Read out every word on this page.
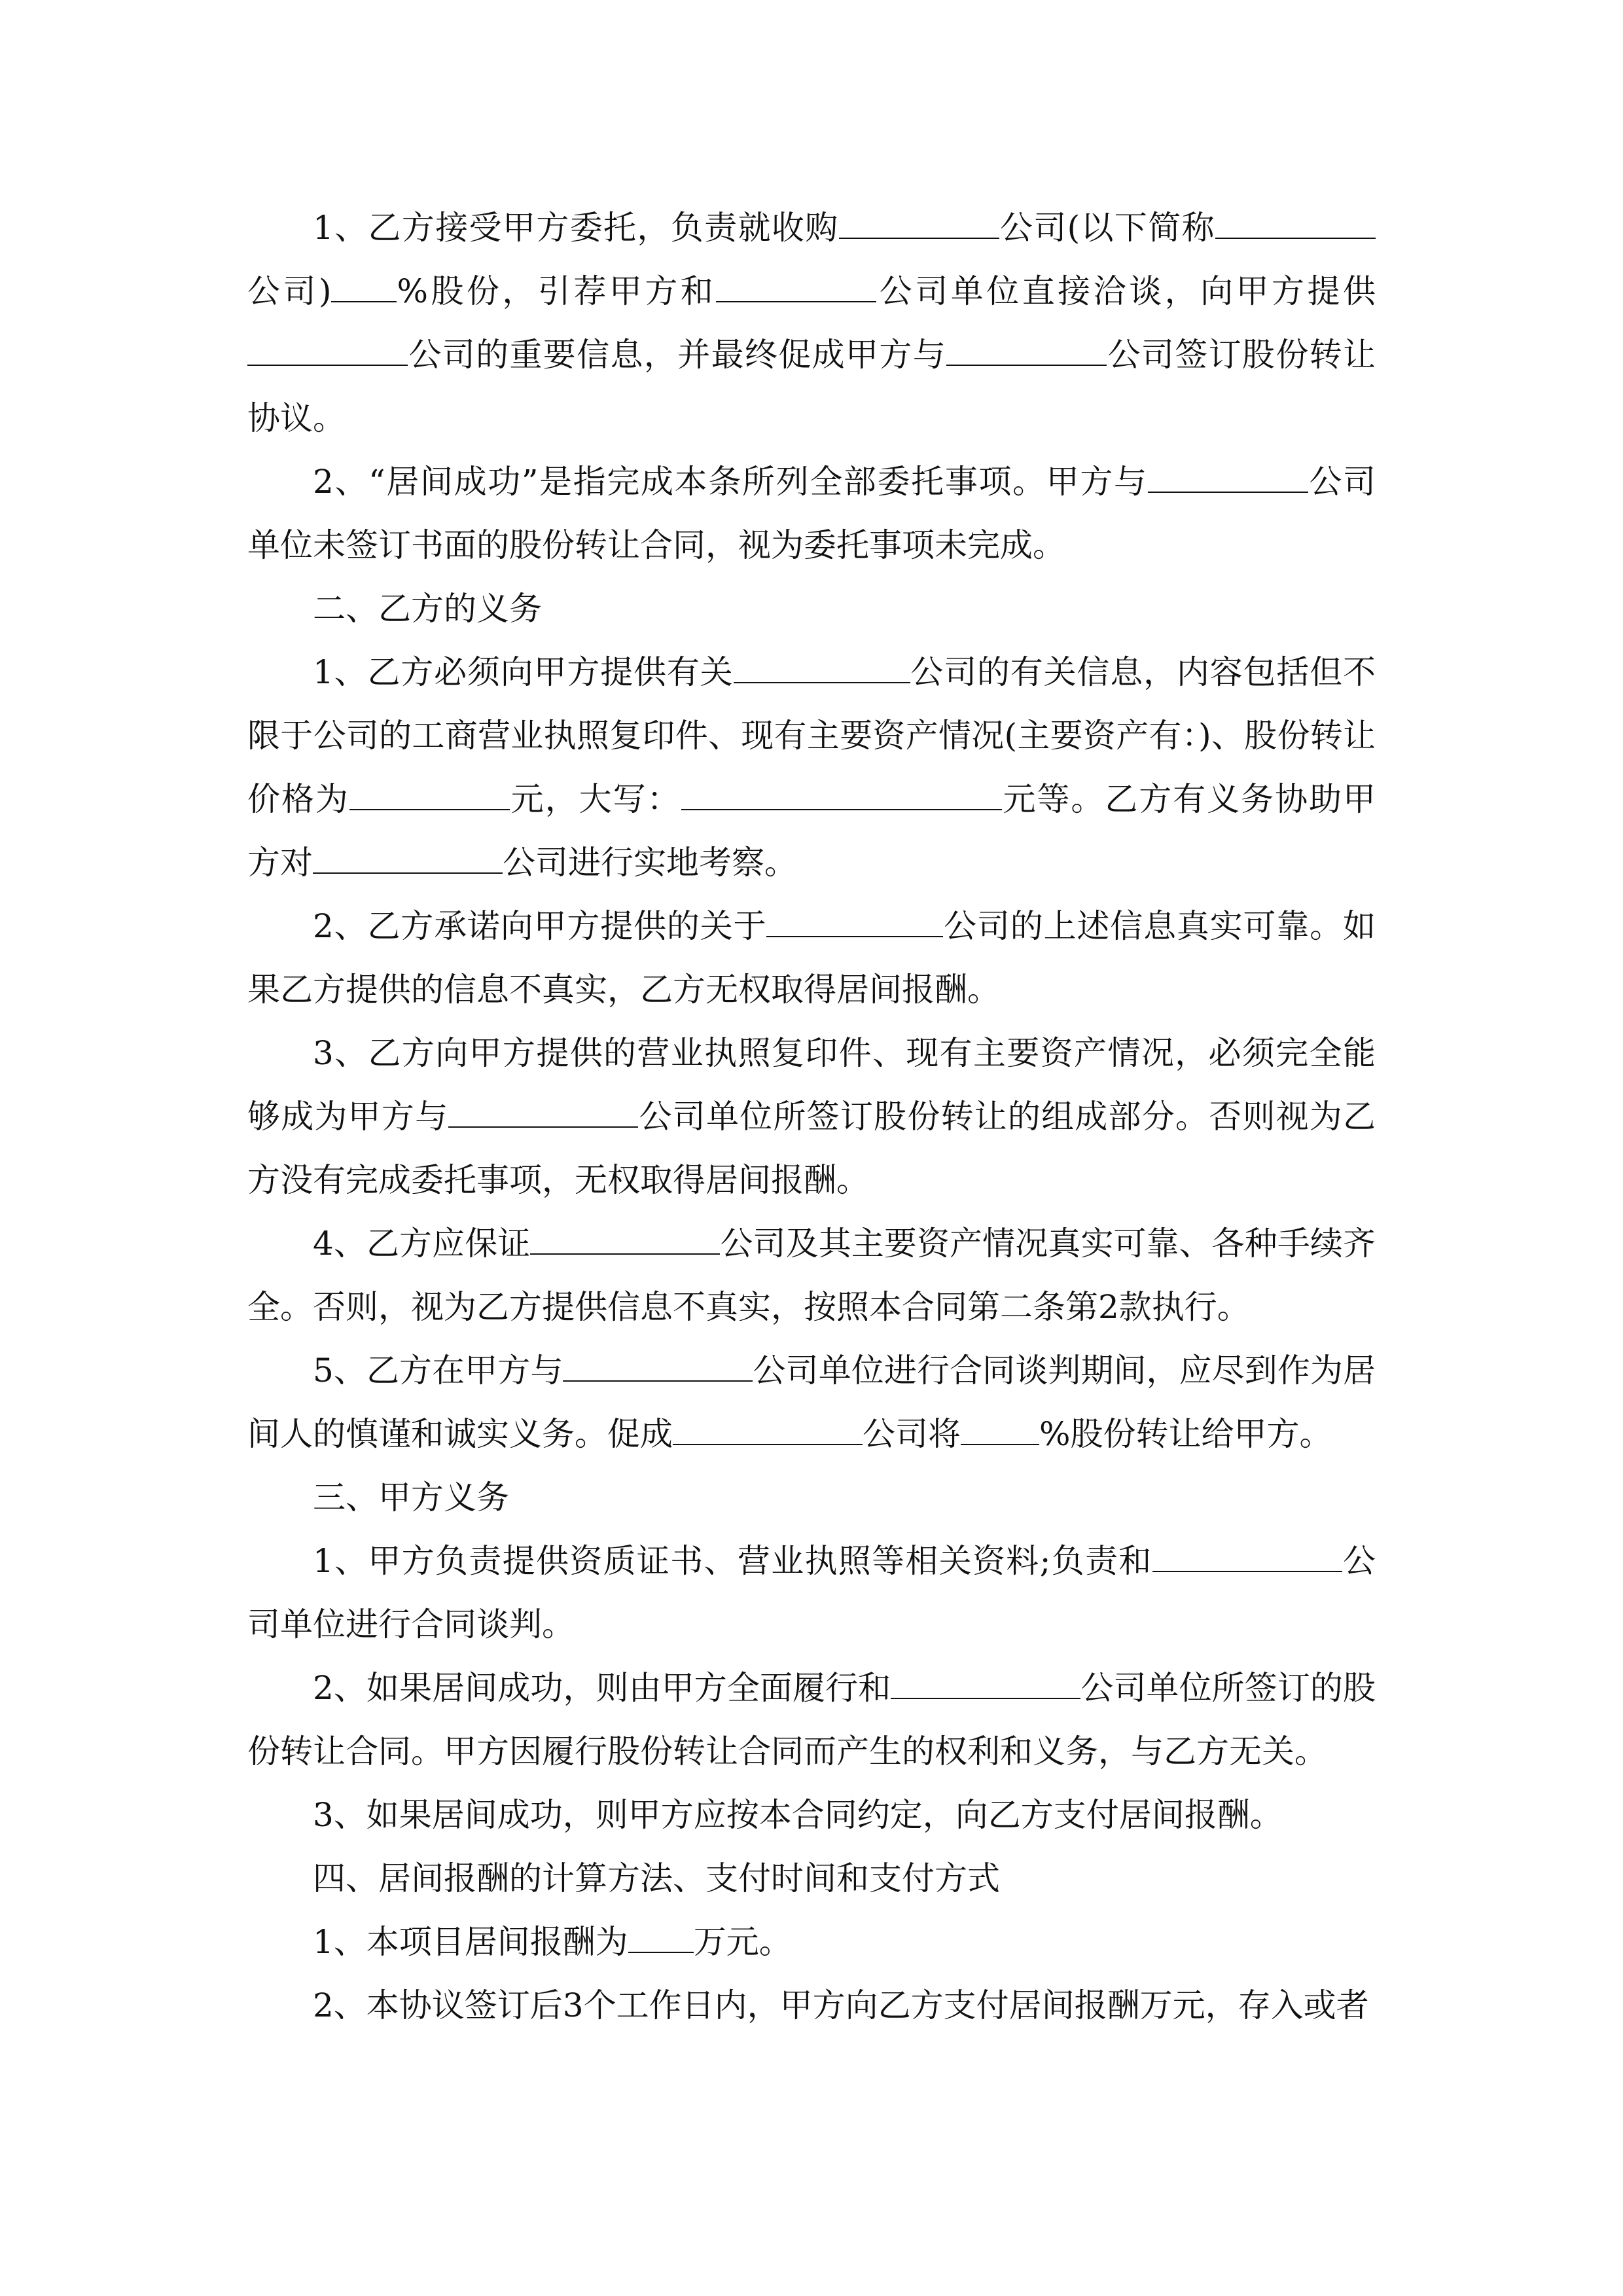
1、乙方接受甲方委托，负责就收购	公司(以下简称公司) %股份，引荐甲方和	公司单位直接洽谈，向甲方提供公司的重要信息，并最终促成甲方与	公司签订股份转让协议。

2、“居间成功”是指完成本条所列全部委托事项。甲方与	公司单位未签订书面的股份转让合同，视为委托事项未完成。

二、乙方的义务

1、乙方必须向甲方提供有关	公司的有关信息，内容包括但不限于公司的工商营业执照复印件、现有主要资产情况(主要资产有：)、股份转让价格为	元，大写：	元等。乙方有义务协助甲方对	公司进行实地考察。

2、乙方承诺向甲方提供的关于	公司的上述信息真实可靠。如果乙方提供的信息不真实，乙方无权取得居间报酬。

3、乙方向甲方提供的营业执照复印件、现有主要资产情况，必须完全能够成为甲方与	公司单位所签订股份转让的组成部分。否则视为乙方没有完成委托事项，无权取得居间报酬。

4、乙方应保证	公司及其主要资产情况真实可靠、各种手续齐全。否则，视为乙方提供信息不真实，按照本合同第二条第2款执行。

5、乙方在甲方与	公司单位进行合同谈判期间，应尽到作为居间人的慎谨和诚实义务。促成	公司将 %股份转让给甲方。

三、甲方义务

1、甲方负责提供资质证书、营业执照等相关资料;负责和	公司单位进行合同谈判。

2、如果居间成功，则由甲方全面履行和	公司单位所签订的股份转让合同。甲方因履行股份转让合同而产生的权利和义务，与乙方无关。

3、如果居间成功，则甲方应按本合同约定，向乙方支付居间报酬。

四、居间报酬的计算方法、支付时间和支付方式

1、本项目居间报酬为 万元。

2、本协议签订后3个工作日内，甲方向乙方支付居间报酬万元，存入或者
